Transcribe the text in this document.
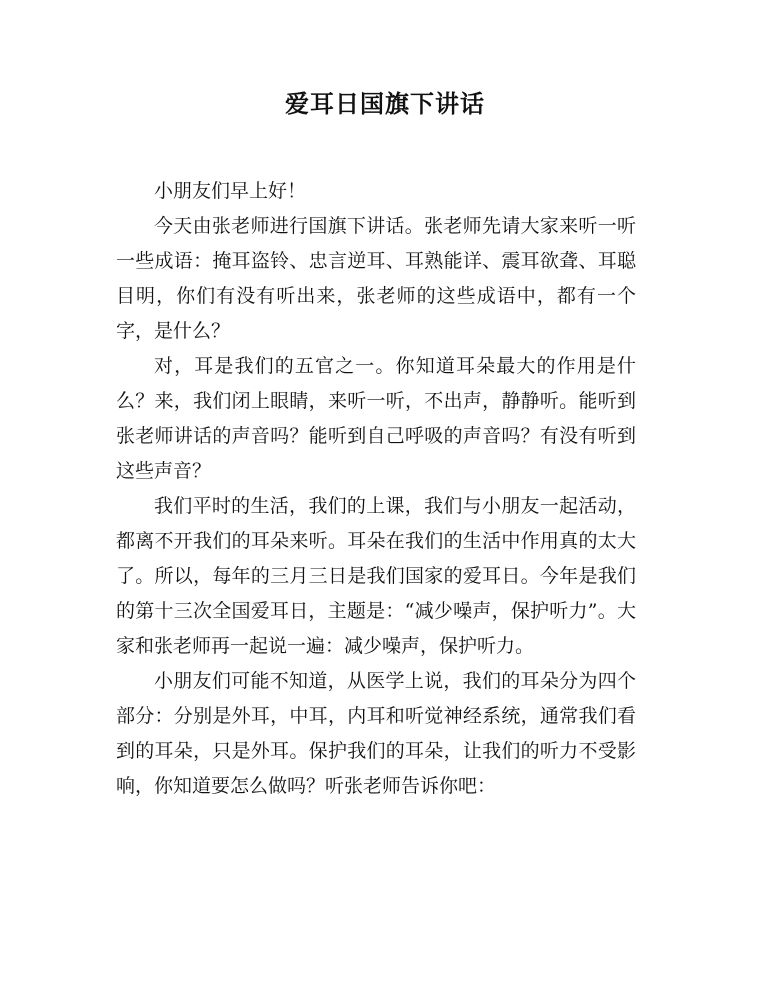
爱耳日国旗下讲话

小朋友们早上好！

今天由张老师进行国旗下讲话。张老师先请大家来听一听一些成语：掩耳盗铃、忠言逆耳、耳熟能详、震耳欲聋、耳聪目明，你们有没有听出来，张老师的这些成语中，都有一个字，是什么？

对，耳是我们的五官之一。你知道耳朵最大的作用是什么？来，我们闭上眼睛，来听一听，不出声，静静听。能听到张老师讲话的声音吗？能听到自己呼吸的声音吗？有没有听到这些声音？

我们平时的生活，我们的上课，我们与小朋友一起活动，都离不开我们的耳朵来听。耳朵在我们的生活中作用真的太大了。所以，每年的三月三日是我们国家的爱耳日。今年是我们的第十三次全国爱耳日，主题是：“减少噪声，保护听力”。大家和张老师再一起说一遍：减少噪声，保护听力。

小朋友们可能不知道，从医学上说，我们的耳朵分为四个部分：分别是外耳，中耳，内耳和听觉神经系统，通常我们看到的耳朵，只是外耳。保护我们的耳朵，让我们的听力不受影响，你知道要怎么做吗？听张老师告诉你吧：
